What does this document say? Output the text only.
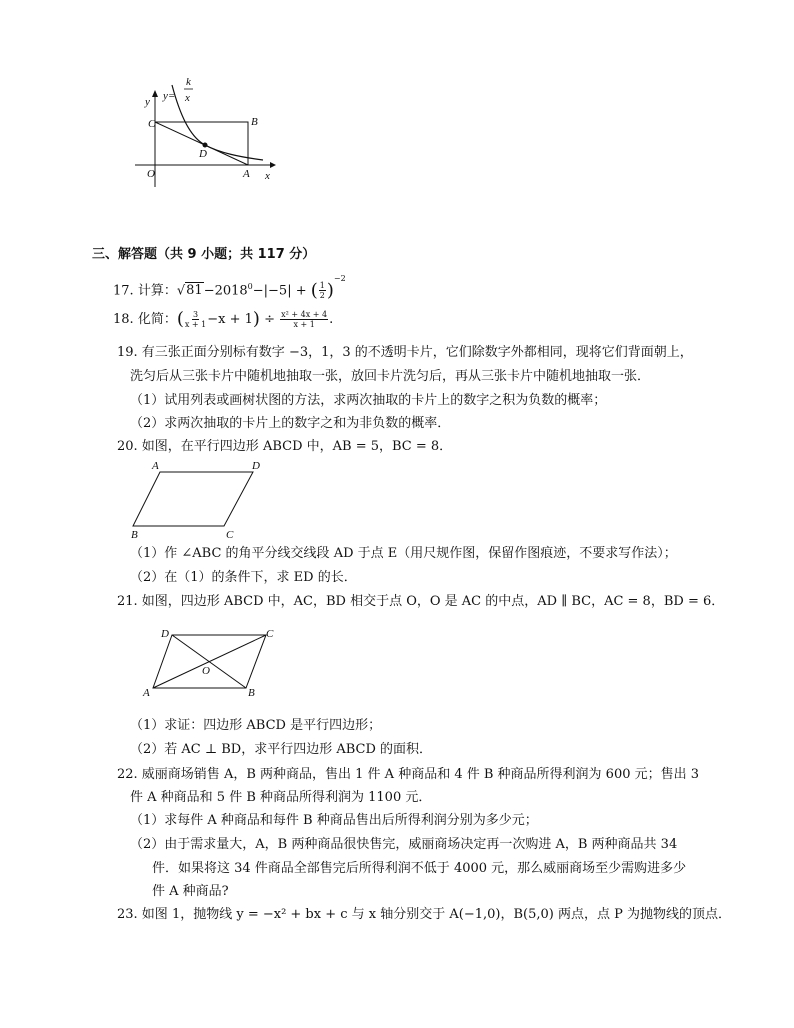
y
x
O	A
B
C
D
y=
k
x
三、解答题（共 9 小题；共 117 分）
17. 计算：$√81-2018^0-|-5|$ + ( $\frac{1}{2} )^{-2}$
18. 化简：( $\frac{3}{x + 1} -x + 1) \div \frac{\text{x² + 4x + 4}}{x + 1}$ .
19. 有三张正面分别标有数字 −3，1，3 的不透明卡片，它们除数字外都相同，现将它们背面朝上，
洗匀后从三张卡片中随机地抽取一张，放回卡片洗匀后，再从三张卡片中随机地抽取一张．
（1）试用列表或画树状图的方法，求两次抽取的卡片上的数字之积为负数的概率；
（2）求两次抽取的卡片上的数字之和为非负数的概率．
20. 如图，在平行四边形 ABCD 中，AB = 5，BC = 8．
A	D
B	C
（1）作 ∠ABC 的角平分线交线段 AD 于点 E（用尺规作图，保留作图痕迹，不要求写作法）；
（2）在（1）的条件下，求 ED 的长．
21. 如图，四边形 ABCD 中，AC，BD 相交于点 O，O 是 AC 的中点，AD ∥ BC，AC = 8，BD = 6．
D	C
A	B
O
（1）求证：四边形 ABCD 是平行四边形；
（2）若 AC ⊥ BD，求平行四边形 ABCD 的面积．
22. 威丽商场销售 A，B 两种商品，售出 1 件 A 种商品和 4 件 B 种商品所得利润为 600 元；售出 3
件 A 种商品和 5 件 B 种商品所得利润为 1100 元．
（1）求每件 A 种商品和每件 B 种商品售出后所得利润分别为多少元；
（2）由于需求量大，A，B 两种商品很快售完，威丽商场决定再一次购进 A，B 两种商品共 34
件．如果将这 34 件商品全部售完后所得利润不低于 4000 元，那么威丽商场至少需购进多少
件 A 种商品?
23. 如图 1，抛物线 y = −x² + bx + c 与 x 轴分别交于 A(−1,0)，B(5,0) 两点，点 P 为抛物线的顶点．
